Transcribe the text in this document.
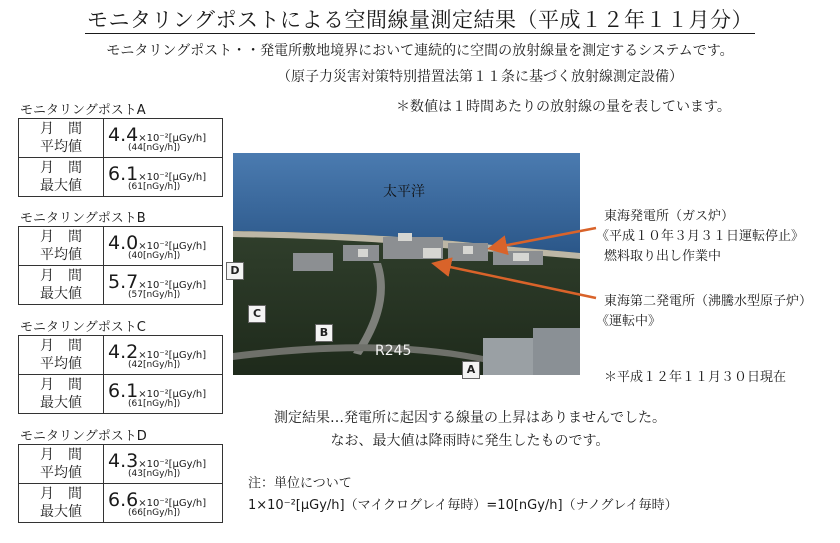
モニタリングポストによる空間線量測定結果（平成１２年１１月分）
モニタリングポスト・・発電所敷地境界において連続的に空間の放射線量を測定するシステムです。
（原子力災害対策特別措置法第１１条に基づく放射線測定設備）
＊数値は１時間あたりの放射線の量を表しています。
モニタリングポストA
月　間
平均値	4.4×10⁻²[μGy/h]
(44[nGy/h])

月　間
最大値	6.1×10⁻²[μGy/h]
(61[nGy/h])
モニタリングポストB
月　間
平均値	4.0×10⁻²[μGy/h]
(40[nGy/h])

月　間
最大値	5.7×10⁻²[μGy/h]
(57[nGy/h])
モニタリングポストC
月　間
平均値	4.2×10⁻²[μGy/h]
(42[nGy/h])

月　間
最大値	6.1×10⁻²[μGy/h]
(61[nGy/h])
モニタリングポストD
月　間
平均値	4.3×10⁻²[μGy/h]
(43[nGy/h])

月　間
最大値	6.6×10⁻²[μGy/h]
(66[nGy/h])
太平洋
R245
D
C
B
A
東海発電所（ガス炉）
《平成１０年３月３１日運転停止》
燃料取り出し作業中
東海第二発電所（沸騰水型原子炉）
《運転中》
＊平成１２年１１月３０日現在
測定結果…発電所に起因する線量の上昇はありませんでした。
なお、最大値は降雨時に発生したものです。
注：単位について
1×10⁻²[μGy/h]（マイクログレイ毎時）=10[nGy/h]（ナノグレイ毎時）
